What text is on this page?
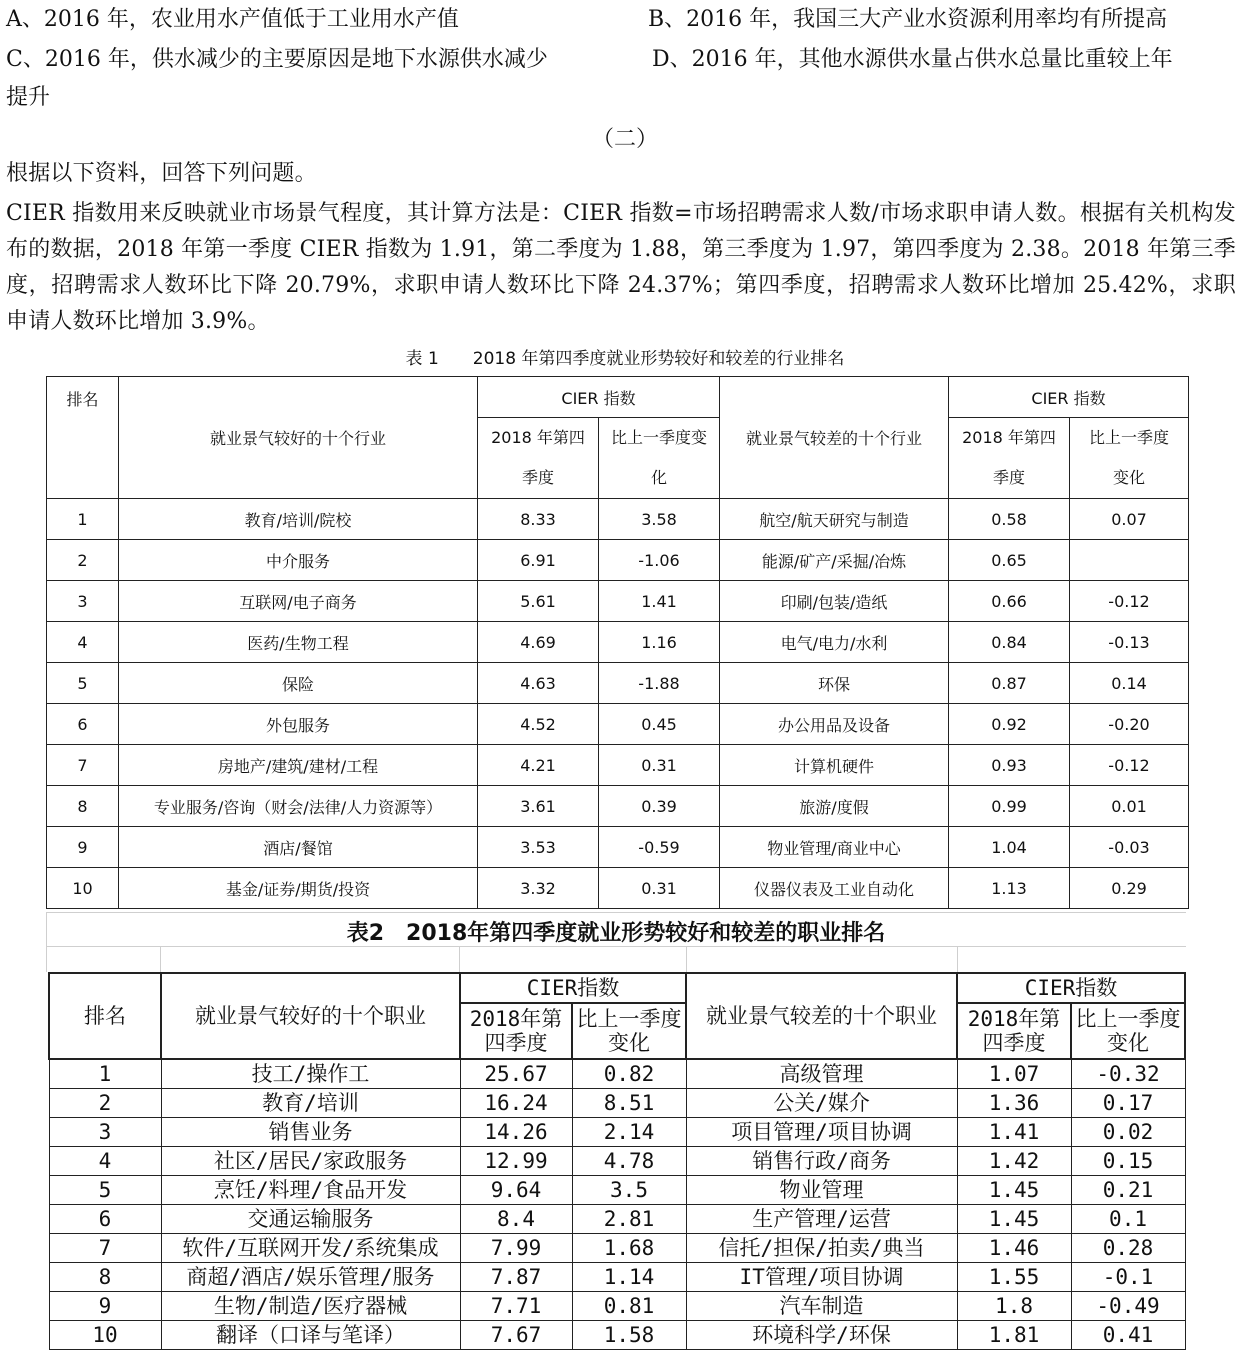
A、2016 年，农业用水产值低于工业用水产值	B、2016 年，我国三大产业水资源利用率均有所提高
C、2016 年，供水减少的主要原因是地下水源供水减少	D、2016 年，其他水源供水量占供水总量比重较上年
提升
（二）
根据以下资料，回答下列问题。
CIER 指数用来反映就业市场景气程度，其计算方法是：CIER 指数=市场招聘需求人数/市场求职申请人数。根据有关机构发布的数据，2018 年第一季度 CIER 指数为 1.91，第二季度为 1.88，第三季度为 1.97，第四季度为 2.38。2018 年第三季度，招聘需求人数环比下降 20.79%，求职申请人数环比下降 24.37%；第四季度，招聘需求人数环比增加 25.42%，求职申请人数环比增加 3.9%。
表 1　　2018 年第四季度就业形势较好和较差的行业排名
排名	就业景气较好的十个行业	CIER 指数		就业景气较差的十个行业	CIER 指数	
		2018 年第四季度	比上一季度变化		2018 年第四季度	比上一季度变化
1	教育/培训/院校	8.33	3.58	航空/航天研究与制造	0.58	0.07
2	中介服务	6.91	-1.06	能源/矿产/采掘/冶炼	0.65	
3	互联网/电子商务	5.61	1.41	印刷/包装/造纸	0.66	-0.12
4	医药/生物工程	4.69	1.16	电气/电力/水利	0.84	-0.13
5	保险	4.63	-1.88	环保	0.87	0.14
6	外包服务	4.52	0.45	办公用品及设备	0.92	-0.20
7	房地产/建筑/建材/工程	4.21	0.31	计算机硬件	0.93	-0.12
8	专业服务/咨询（财会/法律/人力资源等）	3.61	0.39	旅游/度假	0.99	0.01
9	酒店/餐馆	3.53	-0.59	物业管理/商业中心	1.04	-0.03
10	基金/证券/期货/投资	3.32	0.31	仪器仪表及工业自动化	1.13	0.29
表2　2018年第四季度就业形势较好和较差的职业排名
排名	就业景气较好的十个职业	CIER指数		就业景气较差的十个职业	CIER指数	
		2018年第四季度	比上一季度变化		2018年第四季度	比上一季度变化
1	技工/操作工	25.67	0.82	高级管理	1.07	-0.32
2	教育/培训	16.24	8.51	公关/媒介	1.36	0.17
3	销售业务	14.26	2.14	项目管理/项目协调	1.41	0.02
4	社区/居民/家政服务	12.99	4.78	销售行政/商务	1.42	0.15
5	烹饪/料理/食品开发	9.64	3.5	物业管理	1.45	0.21
6	交通运输服务	8.4	2.81	生产管理/运营	1.45	0.1
7	软件/互联网开发/系统集成	7.99	1.68	信托/担保/拍卖/典当	1.46	0.28
8	商超/酒店/娱乐管理/服务	7.87	1.14	IT管理/项目协调	1.55	-0.1
9	生物/制造/医疗器械	7.71	0.81	汽车制造	1.8	-0.49
10	翻译（口译与笔译）	7.67	1.58	环境科学/环保	1.81	0.41
